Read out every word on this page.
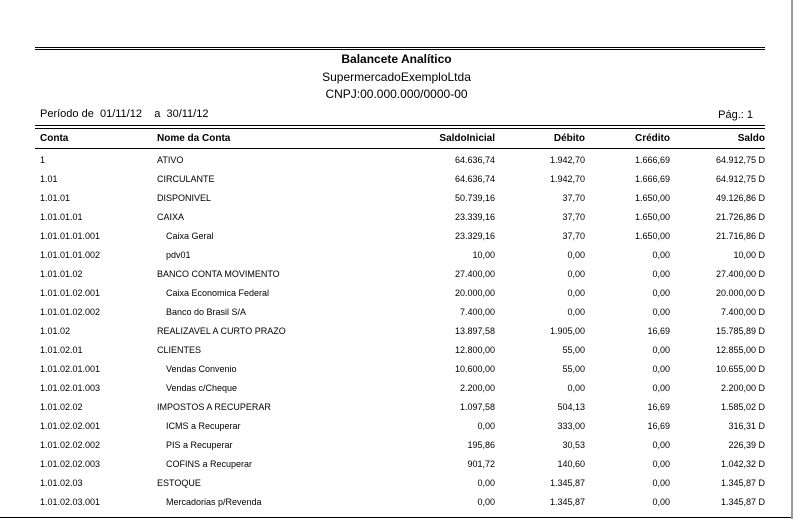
Balancete Analítico
SupermercadoExemploLtda
CNPJ:00.000.000/0000-00
Período de 01/11/12 a 30/11/12	Pág.: 1
Conta	Nome da Conta	SaldoInicial	Débito	Crédito	Saldo
1	ATIVO	64.636,74	1.942,70	1.666,69	64.912,75 D
1.01	CIRCULANTE	64.636,74	1.942,70	1.666,69	64.912,75 D
1.01.01	DISPONIVEL	50.739,16	37,70	1.650,00	49.126,86 D
1.01.01.01	CAIXA	23.339,16	37,70	1.650,00	21.726,86 D
1.01.01.01.001	Caixa Geral	23.329,16	37,70	1.650,00	21.716,86 D
1.01.01.01.002	pdv01	10,00	0,00	0,00	10,00 D
1.01.01.02	BANCO CONTA MOVIMENTO	27.400,00	0,00	0,00	27.400,00 D
1.01.01.02.001	Caixa Economica Federal	20.000,00	0,00	0,00	20.000,00 D
1.01.01.02.002	Banco do Brasil S/A	7.400,00	0,00	0,00	7.400,00 D
1.01.02	REALIZAVEL A CURTO PRAZO	13.897,58	1.905,00	16,69	15.785,89 D
1.01.02.01	CLIENTES	12.800,00	55,00	0,00	12.855,00 D
1.01.02.01.001	Vendas Convenio	10.600,00	55,00	0,00	10.655,00 D
1.01.02.01.003	Vendas c/Cheque	2.200,00	0,00	0,00	2.200,00 D
1.01.02.02	IMPOSTOS A RECUPERAR	1.097,58	504,13	16,69	1.585,02 D
1.01.02.02.001	ICMS a Recuperar	0,00	333,00	16,69	316,31 D
1.01.02.02.002	PIS a Recuperar	195,86	30,53	0,00	226,39 D
1.01.02.02.003	COFINS a Recuperar	901,72	140,60	0,00	1.042,32 D
1.01.02.03	ESTOQUE	0,00	1.345,87	0,00	1.345,87 D
1.01.02.03.001	Mercadorias p/Revenda	0,00	1.345,87	0,00	1.345,87 D
